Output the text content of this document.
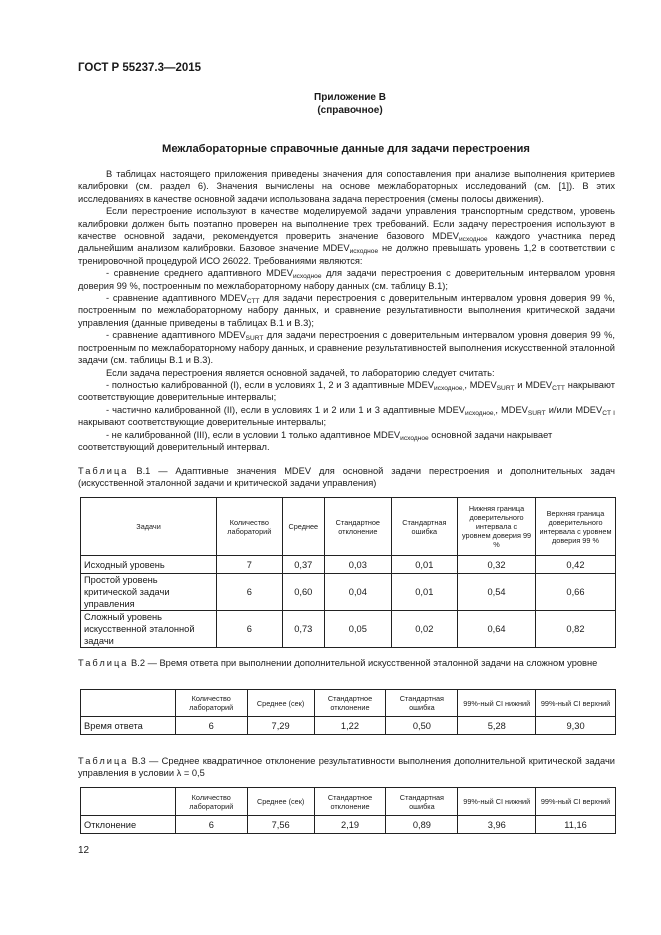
ГОСТ Р 55237.3—2015
Приложение В
(справочное)
Межлабораторные справочные данные для задачи перестроения

В таблицах настоящего приложения приведены значения для сопоставления при анализе выполнения критериев калибровки (см. раздел 6). Значения вычислены на основе межлабораторных исследований (см. [1]). В этих исследованиях в качестве основной задачи использована задача перестроения (смены полосы движения).

Если перестроение используют в качестве моделируемой задачи управления транспортным средством, уровень калибровки должен быть поэтапно проверен на выполнение трех требований. Если задачу перестроения используют в качестве основной задачи, рекомендуется проверить значение базового $MDEV_{исходное}$ каждого участника перед дальнейшим анализом калибровки. Базовое значение $MDEV_{исходное}$ не должно превышать уровень 1,2 в соответствии с тренировочной процедурой ИСО 26022. Требованиями являются:

- сравнение среднего адаптивного $MDEV_{исходное}$ для задачи перестроения с доверительным интервалом уровня доверия 99 %, построенным по межлабораторному набору данных (см. таблицу В.1);

- сравнение адаптивного $MDEV_{CTT}$ для задачи перестроения с доверительным интервалом уровня доверия 99 %, построенным по межлабораторному набору данных, и сравнение результативности выполнения критической задачи управления (данные приведены в таблицах В.1 и В.3);

- сравнение адаптивного $MDEV_{SURT}$ для задачи перестроения с доверительным интервалом уровня доверия 99 %, построенным по межлабораторному набору данных, и сравнение результативностей выполнения искусственной эталонной задачи (см. таблицы В.1 и В.3).

Если задача перестроения является основной задачей, то лабораторию следует считать:

- полностью калиброванной (I), если в условиях 1, 2 и 3 адаптивные $MDEV_{исходное,}$, $MDEV_{SURT}$ и $MDEV_{CTT}$ накрывают соответствующие доверительные интервалы;

- частично калиброванной (II), если в условиях 1 и 2 или 1 и 3 адаптивные $MDEV_{исходное,}$, $MDEV_{SURT}$ и/или $MDEV_{CT I}$ накрывают соответствующие доверительные интервалы;

- не калиброванной (III), если в условии 1 только адаптивное $MDEV_{исходное}$ основной задачи накрывает соответствующий доверительный интервал.

Таблица В.1 — Адаптивные значения MDEV для основной задачи перестроения и дополнительных задач (искусственной эталонной задачи и критической задачи управления)
Задачи	Количество лабораторий	Среднее	Стандартное отклонение	Стандартная ошибка	Нижняя граница доверительного интервала с уровнем доверия 99 %	Верхняя граница доверительного интервала с уровнем доверия 99 %
Исходный уровень	7	0,37	0,03	0,01	0,32	0,42
Простой уровень критической задачи управления	6	0,60	0,04	0,01	0,54	0,66
Сложный уровень искусственной эталонной задачи	6	0,73	0,05	0,02	0,64	0,82
Таблица В.2 — Время ответа при выполнении дополнительной искусственной эталонной задачи на сложном уровне
	Количество лабораторий	Среднее (сек)	Стандартное отклонение	Стандартная ошибка	99%-ный CI нижний	99%-ный CI верхний
Время ответа	6	7,29	1,22	0,50	5,28	9,30
Таблица В.3 — Среднее квадратичное отклонение результативности выполнения дополнительной критической задачи управления в условии λ = 0,5
	Количество лабораторий	Среднее (сек)	Стандартное отклонение	Стандартная ошибка	99%-ный CI нижний	99%-ный CI верхний
Отклонение	6	7,56	2,19	0,89	3,96	11,16
12
